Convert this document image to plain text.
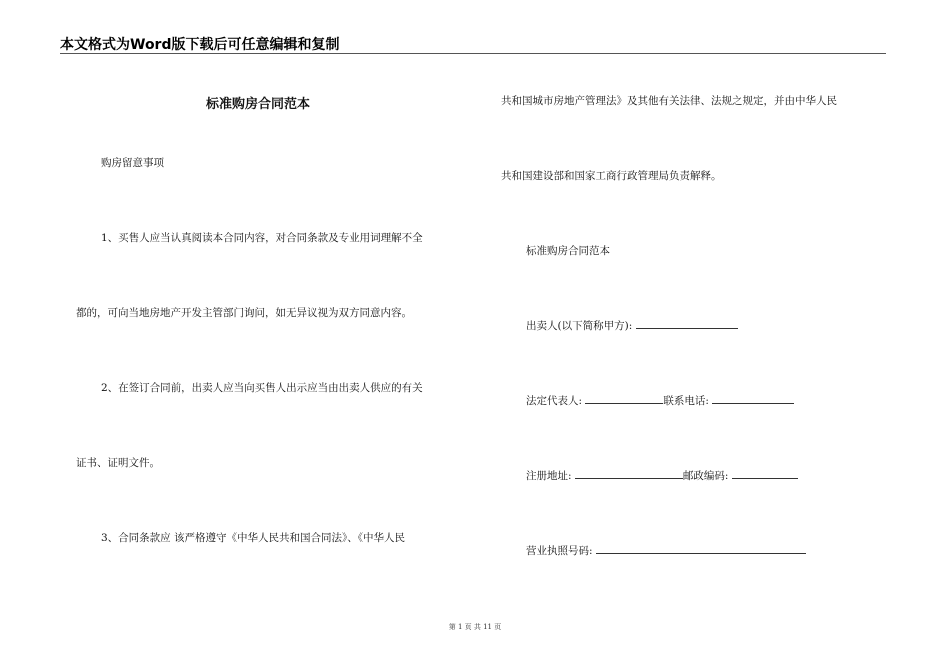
本文格式为Word版下载后可任意编辑和复制
标准购房合同范本
购房留意事项
1、买售人应当认真阅读本合同内容，对合同条款及专业用词理解不全
都的，可向当地房地产开发主管部门询问，如无异议视为双方同意内容。
2、在签订合同前，出卖人应当向买售人出示应当由出卖人供应的有关
证书、证明文件。
3、合同条款应 该严格遵守《中华人民共和国合同法》、《中华人民
共和国城市房地产管理法》及其他有关法律、法规之规定，并由中华人民
共和国建设部和国家工商行政管理局负责解释。
标准购房合同范本
出卖人(以下简称甲方):
法定代表人:	联系电话:
注册地址:	邮政编码:
营业执照号码:
第 1 页 共 11 页
